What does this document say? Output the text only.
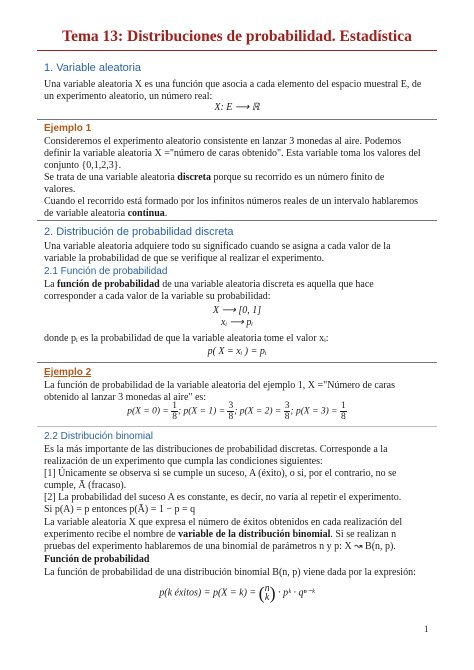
Tema 13: Distribuciones de probabilidad. Estadística
1. Variable aleatoria
Una variable aleatoria X es una función que asocia a cada elemento del espacio muestral E, de
un experimento aleatorio, un número real:
X: E ⟶ ℝ
Ejemplo 1
Consideremos el experimento aleatorio consistente en lanzar 3 monedas al aire. Podemos
definir la variable aleatoria X ="número de caras obtenido". Esta variable toma los valores del
conjunto {0,1,2,3}.
Se trata de una variable aleatoria discreta porque su recorrido es un número finito de
valores.
Cuando el recorrido está formado por los infinitos números reales de un intervalo hablaremos
de variable aleatoria continua.
2. Distribución de probabilidad discreta
Una variable aleatoria adquiere todo su significado cuando se asigna a cada valor de la
variable la probabilidad de que se verifique al realizar el experimento.
2.1 Función de probabilidad
La función de probabilidad de una variable aleatoria discreta es aquella que hace
corresponder a cada valor de la variable su probabilidad:
X ⟶ [0, 1]
xᵢ ⟶ pᵢ
donde pᵢ es la probabilidad de que la variable aleatoria tome el valor xᵢ:
p( X = xᵢ ) = pᵢ
Ejemplo 2
La función de probabilidad de la variable aleatoria del ejemplo 1, X ="Número de caras
obtenido al lanzar 3 monedas al aire" es:
$p(X = 0) = \frac{1}{8}$ ; $p(X = 1) = \frac{3}{8}$ ; $p(X = 2) = \frac{3}{8}$ ; $p(X = 3) = \frac{1}{8}$
2.2 Distribución binomial
Es la más importante de las distribuciones de probabilidad discretas. Corresponde a la
realización de un experimento que cumpla las condiciones siguientes:
[1] Únicamente se observa si se cumple un suceso, A (éxito), o si, por el contrario, no se
cumple, Ā (fracaso).
[2] La probabilidad del suceso A es constante, es decir, no varía al repetir el experimento.
Si p(A) = p entonces p(Ā) = 1 − p = q
La variable aleatoria X que expresa el número de éxitos obtenidos en cada realización del
experimento recibe el nombre de variable de la distribución binomial. Si se realizan n
pruebas del experimento hablaremos de una binomial de parámetros n y p: X ↝ B(n, p).
Función de probabilidad
La función de probabilidad de una distribución binomial B(n, p) viene dada por la expresión:
p(k éxitos) = p(X = k) = ( n
k ) · pᵏ · qⁿ⁻ᵏ
1
